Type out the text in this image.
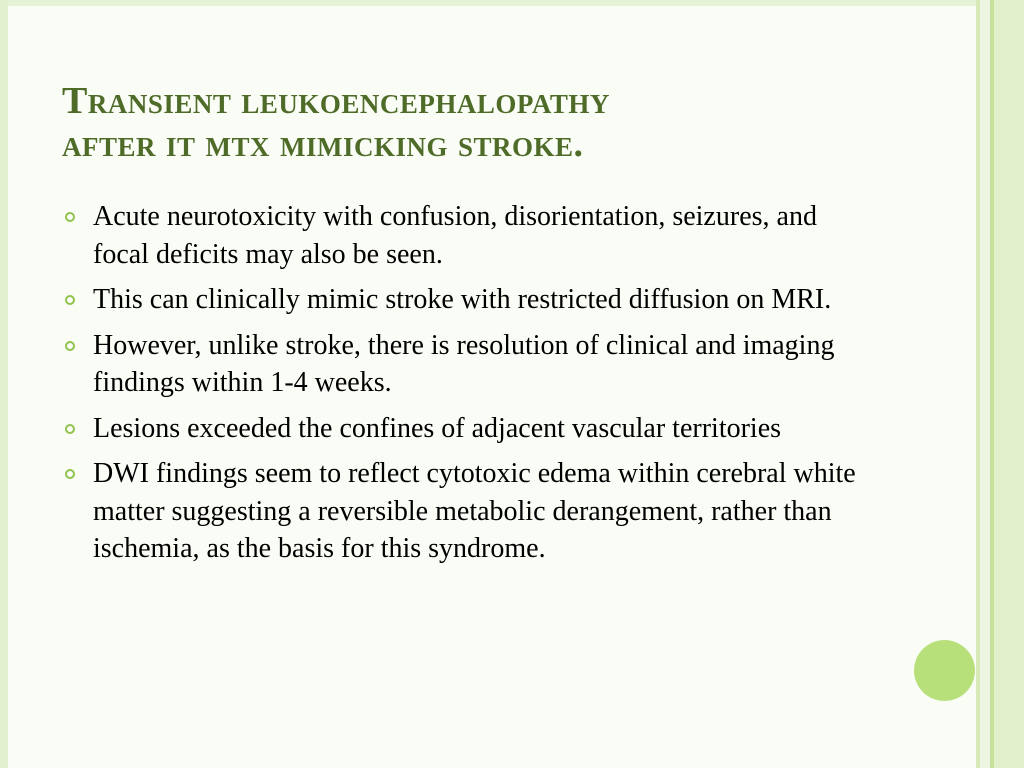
Transient leukoencephalopathy
after it mtx mimicking stroke.
Acute neurotoxicity with confusion, disorientation, seizures, and focal deficits may also be seen.
This can clinically mimic stroke with restricted diffusion on MRI.
However, unlike stroke, there is resolution of clinical and imaging findings within 1-4 weeks.
Lesions exceeded the confines of adjacent vascular territories
DWI findings seem to reflect cytotoxic edema within cerebral white matter suggesting a reversible metabolic derangement, rather than ischemia, as the basis for this syndrome.
